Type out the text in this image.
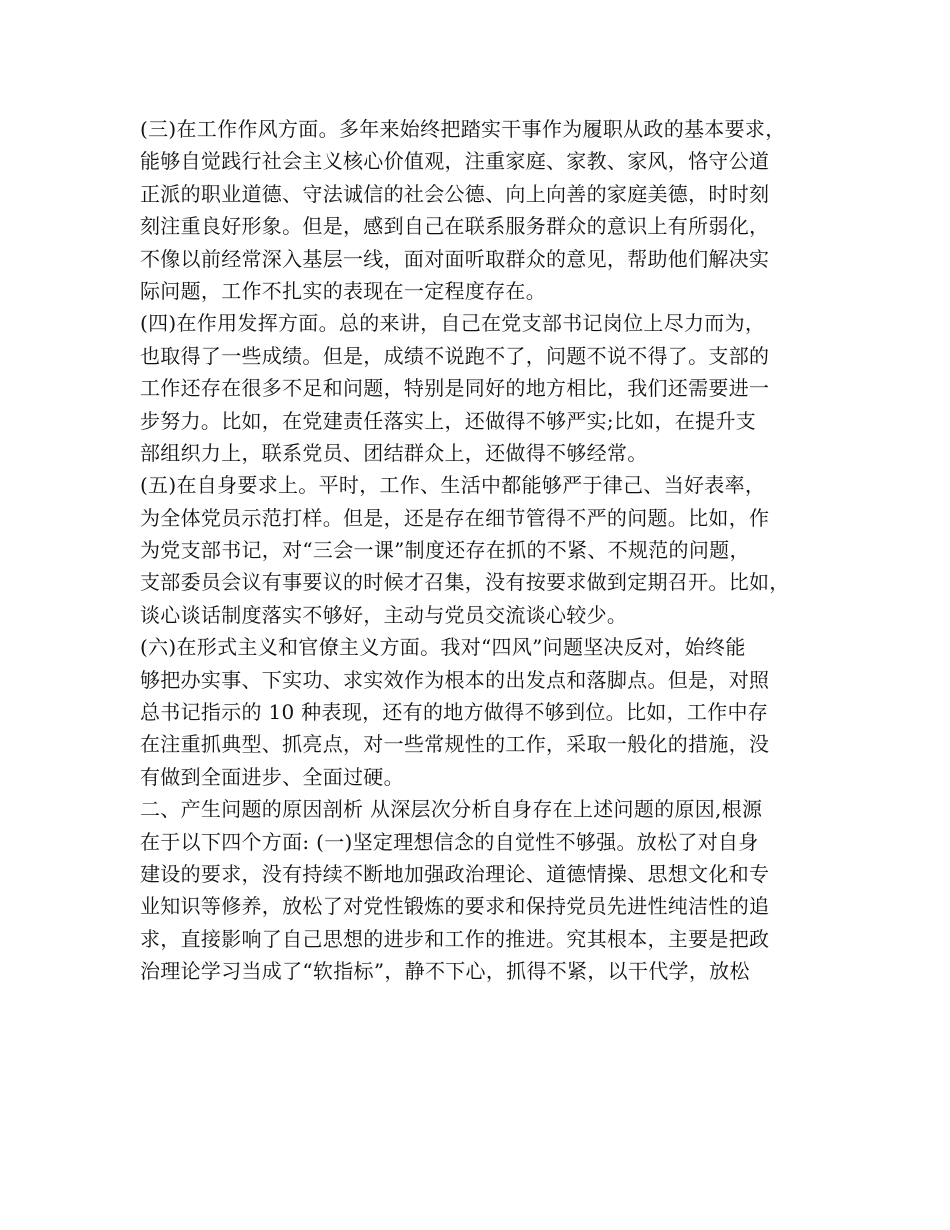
(三)在工作作风方面。多年来始终把踏实干事作为履职从政的基本要求，
能够自觉践行社会主义核心价值观，注重家庭、家教、家风，恪守公道
正派的职业道德、守法诚信的社会公德、向上向善的家庭美德，时时刻
刻注重良好形象。但是，感到自己在联系服务群众的意识上有所弱化，
不像以前经常深入基层一线，面对面听取群众的意见，帮助他们解决实
际问题，工作不扎实的表现在一定程度存在。
(四)在作用发挥方面。总的来讲，自己在党支部书记岗位上尽力而为，
也取得了一些成绩。但是，成绩不说跑不了，问题不说不得了。支部的
工作还存在很多不足和问题，特别是同好的地方相比，我们还需要进一
步努力。比如，在党建责任落实上，还做得不够严实;比如，在提升支
部组织力上，联系党员、团结群众上，还做得不够经常。
(五)在自身要求上。平时，工作、生活中都能够严于律己、当好表率，
为全体党员示范打样。但是，还是存在细节管得不严的问题。比如，作
为党支部书记，对“三会一课”制度还存在抓的不紧、不规范的问题，
支部委员会议有事要议的时候才召集，没有按要求做到定期召开。比如，
谈心谈话制度落实不够好，主动与党员交流谈心较少。
(六)在形式主义和官僚主义方面。我对“四风”问题坚决反对，始终能
够把办实事、下实功、求实效作为根本的出发点和落脚点。但是，对照
总书记指示的 10 种表现，还有的地方做得不够到位。比如，工作中存
在注重抓典型、抓亮点，对一些常规性的工作，采取一般化的措施，没
有做到全面进步、全面过硬。
二、产生问题的原因剖析 从深层次分析自身存在上述问题的原因,根源
在于以下四个方面: (一)坚定理想信念的自觉性不够强。放松了对自身
建设的要求，没有持续不断地加强政治理论、道德情操、思想文化和专
业知识等修养，放松了对党性锻炼的要求和保持党员先进性纯洁性的追
求，直接影响了自己思想的进步和工作的推进。究其根本，主要是把政
治理论学习当成了“软指标”，静不下心，抓得不紧，以干代学，放松
